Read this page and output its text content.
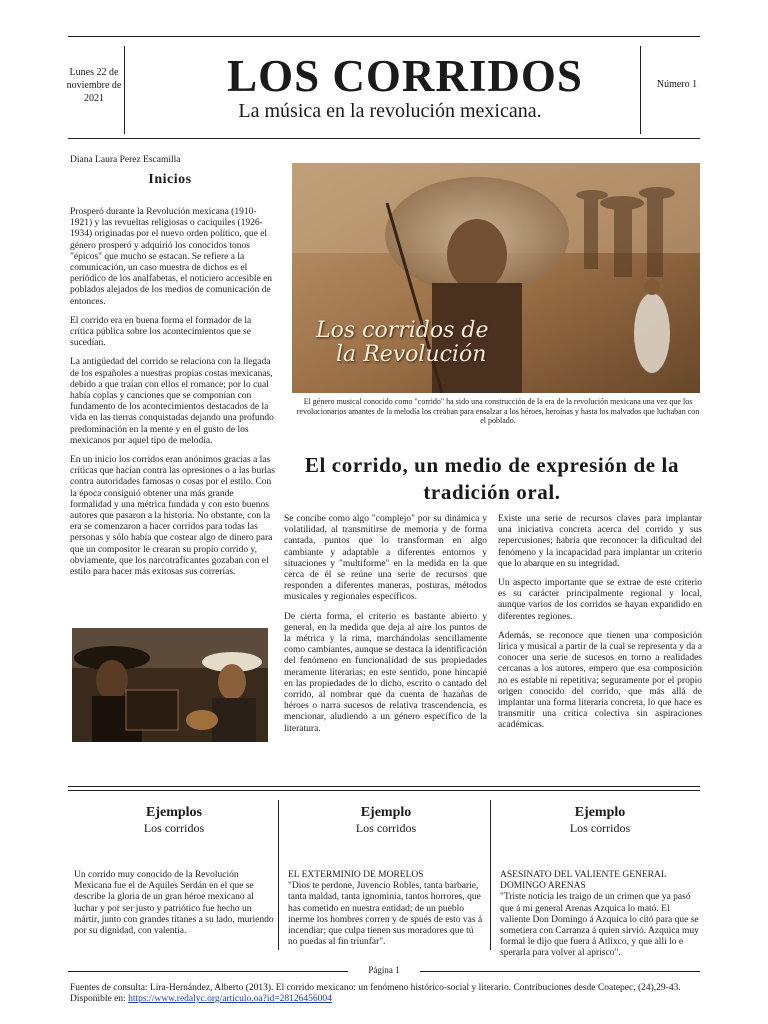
Lunes 22 de noviembre de 2021	LOS CORRIDOS
La música en la revolución mexicana.
Número 1
Diana Laura Perez Escamilla
Inicios

Prosperó durante la Revolución mexicana (1910-1921) y las revueltas religiosas o caciquiles (1926-1934) originadas por el nuevo orden político, que el género prosperó y adquirió los conocidos tonos "épicos" que mucho se estacan. Se refiere a la comunicación, un caso muestra de dichos es el periódico de los analfabetas, el noticiero accesible en poblados alejados de los medios de comunicación de entonces.

El corrido era en buena forma el formador de la crítica pública sobre los acontecimientos que se sucedían.

La antigüedad del corrido se relaciona con la llegada de los españoles a nuestras propias costas mexicanas, debido a que traían con ellos el romance; por lo cual había coplas y canciones que se componían con fundamento de los acontecimientos destacados de la vida en las tierras conquistadas dejando una profundo predominación en la mente y en el gusto de los mexicanos por aquel tipo de melodía.

En un inicio los corridos eran anónimos gracias a las críticas que hacían contra las opresiones o a las burlas contra autoridades famosas o cosas por el estilo. Con la época consiguió obtener una más grande formalidad y una métrica fundada y con esto buenos autores que pasaron a la historia. No obstante, con la era se comenzaron a hacer corridos para todas las personas y sólo había que costear algo de dinero para que un compositor le crearan su propio corrido y, obviamente, que los narcotraficantes gozaban con el estilo para hacer más exitosas sus correrías.

Los corridos de
la Revolución
El género musical conocido como "corrido" ha sido una construcción de la era de la revolución mexicana una vez que los revolucionarios amantes de la melodía los creaban para ensalzar a los héroes, heroínas y hasta los malvados que luchaban con el poblado.
El corrido, un medio de expresión de la tradición oral.

Se concibe como algo "complejo" por su dinámica y volatilidad, al transmitirse de memoria y de forma cantada, puntos que lo transforman en algo cambiante y adaptable a diferentes entornos y situaciones y "multiforme" en la medida en la que cerca de él se reúne una serie de recursos que responden a diferentes maneras, posturas, métodos musicales y regionales específicos.

De cierta forma, el criterio es bastante abierto y general, en la medida que deja al aire los puntos de la métrica y la rima, marchándolas sencillamente como cambiantes, aunque se destaca la identificación del fenómeno en funcionalidad de sus propiedades meramente literarias; en este sentido, pone hincapié en las propiedades de lo dicho, escrito o cantado del corrido, al nombrar que da cuenta de hazañas de héroes o narra sucesos de relativa trascendencia, es mencionar, aludiendo a un género específico de la literatura.

Existe una serie de recursos claves para implantar una iniciativa concreta acerca del corrido y sus repercusiones; habría que reconocer la dificultad del fenómeno y la incapacidad para implantar un criterio que lo abarque en su integridad.

Un aspecto importante que se extrae de este criterio es su carácter principalmente regional y local, aunque varios de los corridos se hayan expandido en diferentes regiones.

Además, se reconoce que tienen una composición lírica y musical a partir de la cual se representa y da a conocer una serie de sucesos en torno a realidades cercanas a los autores, empero que esa composición no es estable ni repetitiva; seguramente por el propio origen conocido del corrido, que más allá de implantar una forma literaria concreta, lo que hace es transmitir una crítica colectiva sin aspiraciones académicas.

Ejemplos
Los corridos
Un corrido muy conocido de la Revolución Mexicana fue el de Aquiles Serdán en el que se describe la gloria de un gran héroe mexicano al luchar y por ser justo y patriótico fue hecho un mártir, junto con grandes titanes a su lado, muriendo por su dignidad, con valentía.
Ejemplo
Los corridos
EL EXTERMINIO DE MORELOS
"Dios te perdone, Juvencio Robles, tanta barbarie, tanta maldad, tanta ignominia, tantos horrores, que has cometido en nuestra entidad; de un pueblo inerme los hombres corren y de spués de esto vas á incendiar; que culpa tienen sus moradores que tú no puedas al fin triunfar".
Ejemplo
Los corridos
ASESINATO DEL VALIENTE GENERAL DOMINGO ARENAS
"Triste noticia les traigo de un crimen que ya pasó que á mi general Arenas Azquica lo mató. El valiente Don Domingo á Azquica lo citó para que se sometiera con Carranza á quien sirvió. Azquica muy formal le dijo que fuera á Atlixco, y que allí lo e sperarla para volver al aprisco".
Página 1
Fuentes de consulta: Lira-Hernández, Alberto (2013). El corrido mexicano: un fenómeno histórico-social y literario. Contribuciones desde Coatepec, (24),29-43. Disponible en: https://www.redalyc.org/articulo.oa?id=28126456004
